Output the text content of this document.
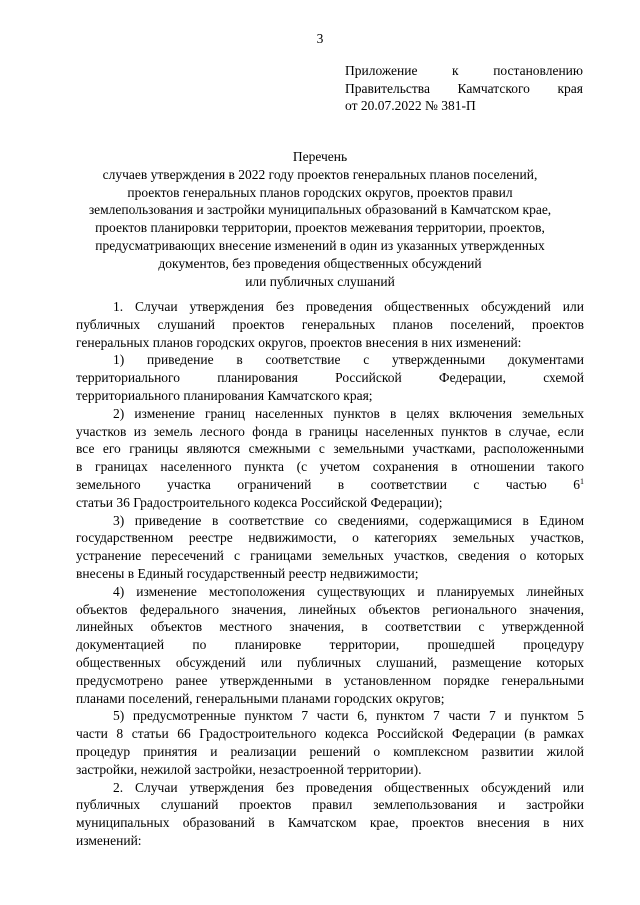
3
Приложение к постановлению
Правительства Камчатского края
от 20.07.2022 № 381-П
Перечень
случаев утверждения в 2022 году проектов генеральных планов поселений,
проектов генеральных планов городских округов, проектов правил
землепользования и застройки муниципальных образований в Камчатском крае,
проектов планировки территории, проектов межевания территории, проектов,
предусматривающих внесение изменений в один из указанных утвержденных
документов, без проведения общественных обсуждений
или публичных слушаний
1. Случаи утверждения без проведения общественных обсуждений или
публичных слушаний проектов генеральных планов поселений, проектов
генеральных планов городских округов, проектов внесения в них изменений:
1) приведение в соответствие с утвержденными документами
территориального планирования Российской Федерации, схемой
территориального планирования Камчатского края;
2) изменение границ населенных пунктов в целях включения земельных
участков из земель лесного фонда в границы населенных пунктов в случае, если
все его границы являются смежными с земельными участками, расположенными
в границах населенного пункта (с учетом сохранения в отношении такого
земельного участка ограничений в соответствии с частью $6^1$
статьи 36 Градостроительного кодекса Российской Федерации);
3) приведение в соответствие со сведениями, содержащимися в Едином
государственном реестре недвижимости, о категориях земельных участков,
устранение пересечений с границами земельных участков, сведения о которых
внесены в Единый государственный реестр недвижимости;
4) изменение местоположения существующих и планируемых линейных
объектов федерального значения, линейных объектов регионального значения,
линейных объектов местного значения, в соответствии с утвержденной
документацией по планировке территории, прошедшей процедуру
общественных обсуждений или публичных слушаний, размещение которых
предусмотрено ранее утвержденными в установленном порядке генеральными
планами поселений, генеральными планами городских округов;
5) предусмотренные пунктом 7 части 6, пунктом 7 части 7 и пунктом 5
части 8 статьи 66 Градостроительного кодекса Российской Федерации (в рамках
процедур принятия и реализации решений о комплексном развитии жилой
застройки, нежилой застройки, незастроенной территории).
2. Случаи утверждения без проведения общественных обсуждений или
публичных слушаний проектов правил землепользования и застройки
муниципальных образований в Камчатском крае, проектов внесения в них
изменений:
